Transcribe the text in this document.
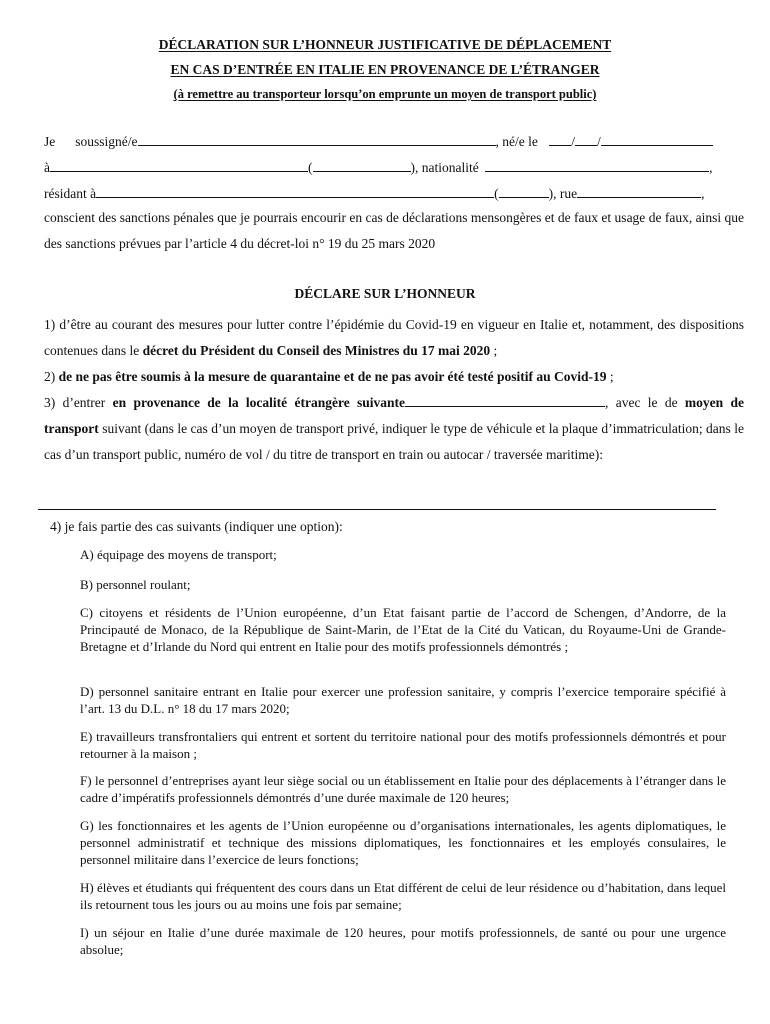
DÉCLARATION SUR L’HONNEUR JUSTIFICATIVE DE DÉPLACEMENT

EN CAS D’ENTRÉE EN ITALIE EN PROVENANCE DE L’ÉTRANGER

(à remettre au transporteur lorsqu’on emprunte un moyen de transport public)

Je soussigné/e	, né/e le / /
à	(	), nationalité	,
résidant à	(	), rue	,

conscient des sanctions pénales que je pourrais encourir en cas de déclarations mensongères et de faux et usage de faux, ainsi que des sanctions prévues par l’article 4 du décret-loi n° 19 du 25 mars 2020

DÉCLARE SUR L’HONNEUR

1) d’être au courant des mesures pour lutter contre l’épidémie du Covid-19 en vigueur en Italie et, notamment, des dispositions contenues dans le décret du Président du Conseil des Ministres du 17 mai 2020 ;

2) de ne pas être soumis à la mesure de quarantaine et de ne pas avoir été testé positif au Covid-19 ;

3) d’entrer en provenance de la localité étrangère suivante	, avec le de moyen de transport suivant (dans le cas d’un moyen de transport privé, indiquer le type de véhicule et la plaque d’immatriculation; dans le cas d’un transport public, numéro de vol / du titre de transport en train ou autocar / traversée maritime):

4) je fais partie des cas suivants (indiquer une option):

A) équipage des moyens de transport;

B) personnel roulant;

C) citoyens et résidents de l’Union européenne, d’un Etat faisant partie de l’accord de Schengen, d’Andorre, de la Principauté de Monaco, de la République de Saint-Marin, de l’Etat de la Cité du Vatican, du Royaume-Uni de Grande-Bretagne et d’Irlande du Nord qui entrent en Italie pour des motifs professionnels démontrés ;

D) personnel sanitaire entrant en Italie pour exercer une profession sanitaire, y compris l’exercice temporaire spécifié à l’art. 13 du D.L. n° 18 du 17 mars 2020;

E) travailleurs transfrontaliers qui entrent et sortent du territoire national pour des motifs professionnels démontrés et pour retourner à la maison ;

F) le personnel d’entreprises ayant leur siège social ou un établissement en Italie pour des déplacements à l’étranger dans le cadre d’impératifs professionnels démontrés d’une durée maximale de 120 heures;

G) les fonctionnaires et les agents de l’Union européenne ou d’organisations internationales, les agents diplomatiques, le personnel administratif et technique des missions diplomatiques, les fonctionnaires et les employés consulaires, le personnel militaire dans l’exercice de leurs fonctions;

H) élèves et étudiants qui fréquentent des cours dans un Etat différent de celui de leur résidence ou d’habitation, dans lequel ils retournent tous les jours ou au moins une fois par semaine;

I) un séjour en Italie d’une durée maximale de 120 heures, pour motifs professionnels, de santé ou pour une urgence absolue;
